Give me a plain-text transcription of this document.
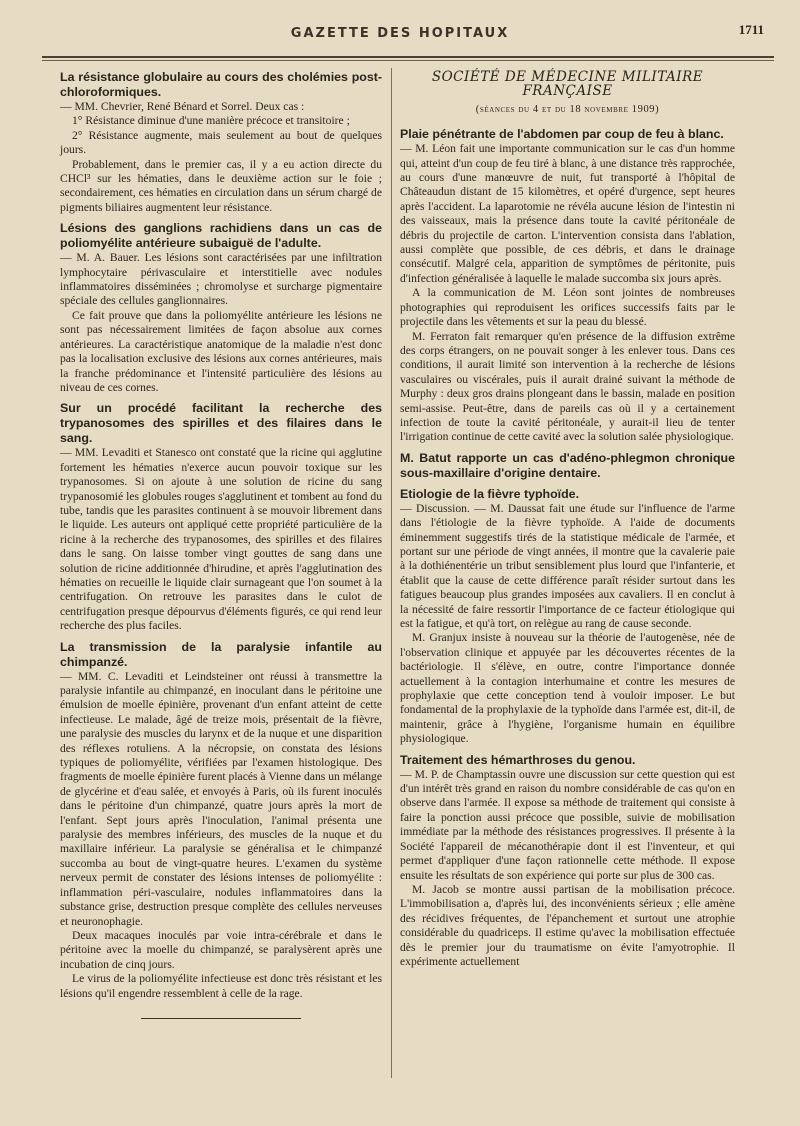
GAZETTE DES HOPITAUX	1711
La résistance globulaire au cours des cholémies post-chloroformiques.

— MM. Chevrier, René Bénard et Sorrel. Deux cas :

1° Résistance diminue d'une manière précoce et transitoire ;

2° Résistance augmente, mais seulement au bout de quelques jours.

Probablement, dans le premier cas, il y a eu action directe du CHCl³ sur les hématies, dans le deuxième action sur le foie ; secondairement, ces hématies en circulation dans un sérum chargé de pigments biliaires augmentent leur résistance.

Lésions des ganglions rachidiens dans un cas de poliomyélite antérieure subaiguë de l'adulte.

— M. A. Bauer. Les lésions sont caractérisées par une infiltration lymphocytaire périvasculaire et interstitielle avec nodules inflammatoires disséminées ; chromolyse et surcharge pigmentaire spéciale des cellules ganglionnaires.

Ce fait prouve que dans la poliomyélite antérieure les lésions ne sont pas nécessairement limitées de façon absolue aux cornes antérieures. La caractéristique anatomique de la maladie n'est donc pas la localisation exclusive des lésions aux cornes antérieures, mais la franche prédominance et l'intensité particulière des lésions au niveau de ces cornes.

Sur un procédé facilitant la recherche des trypanosomes des spirilles et des filaires dans le sang.

— MM. Levaditi et Stanesco ont constaté que la ricine qui agglutine fortement les hématies n'exerce aucun pouvoir toxique sur les trypanosomes. Si on ajoute à une solution de ricine du sang trypanosomié les globules rouges s'agglutinent et tombent au fond du tube, tandis que les parasites continuent à se mouvoir librement dans le liquide. Les auteurs ont appliqué cette propriété particulière de la ricine à la recherche des trypanosomes, des spirilles et des filaires dans le sang. On laisse tomber vingt gouttes de sang dans une solution de ricine additionnée d'hirudine, et après l'agglutination des hématies on recueille le liquide clair surnageant que l'on soumet à la centrifugation. On retrouve les parasites dans le culot de centrifugation presque dépourvus d'éléments figurés, ce qui rend leur recherche des plus faciles.

La transmission de la paralysie infantile au chimpanzé.

— MM. C. Levaditi et Leindsteiner ont réussi à transmettre la paralysie infantile au chimpanzé, en inoculant dans le péritoine une émulsion de moelle épinière, provenant d'un enfant atteint de cette infectieuse. Le malade, âgé de treize mois, présentait de la fièvre, une paralysie des muscles du larynx et de la nuque et une disparition des réflexes rotuliens. A la nécropsie, on constata des lésions typiques de poliomyélite, vérifiées par l'examen histologique. Des fragments de moelle épinière furent placés à Vienne dans un mélange de glycérine et d'eau salée, et envoyés à Paris, où ils furent inoculés dans le péritoine d'un chimpanzé, quatre jours après la mort de l'enfant. Sept jours après l'inoculation, l'animal présenta une paralysie des membres inférieurs, des muscles de la nuque et du maxillaire inférieur. La paralysie se généralisa et le chimpanzé succomba au bout de vingt-quatre heures. L'examen du système nerveux permit de constater des lésions intenses de poliomyélite : inflammation péri-vasculaire, nodules inflammatoires dans la substance grise, destruction presque complète des cellules nerveuses et neuronophagie.

Deux macaques inoculés par voie intra-cérébrale et dans le péritoine avec la moelle du chimpanzé, se paralysèrent après une incubation de cinq jours.

Le virus de la poliomyélite infectieuse est donc très résistant et les lésions qu'il engendre ressemblent à celle de la rage.

SOCIÉTÉ DE MÉDECINE MILITAIRE FRANÇAISE
(séances du 4 et du 18 novembre 1909)
Plaie pénétrante de l'abdomen par coup de feu à blanc.

— M. Léon fait une importante communication sur le cas d'un homme qui, atteint d'un coup de feu tiré à blanc, à une distance très rapprochée, au cours d'une manœuvre de nuit, fut transporté à l'hôpital de Châteaudun distant de 15 kilomètres, et opéré d'urgence, sept heures après l'accident. La laparotomie ne révéla aucune lésion de l'intestin ni des vaisseaux, mais la présence dans toute la cavité péritonéale de débris du projectile de carton. L'intervention consista dans l'ablation, aussi complète que possible, de ces débris, et dans le drainage consécutif. Malgré cela, apparition de symptômes de péritonite, puis d'infection généralisée à laquelle le malade succomba six jours après.

A la communication de M. Léon sont jointes de nombreuses photographies qui reproduisent les orifices successifs faits par le projectile dans les vêtements et sur la peau du blessé.

M. Ferraton fait remarquer qu'en présence de la diffusion extrême des corps étrangers, on ne pouvait songer à les enlever tous. Dans ces conditions, il aurait limité son intervention à la recherche de lésions vasculaires ou viscérales, puis il aurait drainé suivant la méthode de Murphy : deux gros drains plongeant dans le bassin, malade en position semi-assise. Peut-être, dans de pareils cas où il y a certainement infection de toute la cavité péritonéale, y aurait-il lieu de tenter l'irrigation continue de cette cavité avec la solution salée physiologique.

M. Batut rapporte un cas d'adéno-phlegmon chronique sous-maxillaire d'origine dentaire.
Etiologie de la fièvre typhoïde.

— Discussion. — M. Daussat fait une étude sur l'influence de l'arme dans l'étiologie de la fièvre typhoïde. A l'aide de documents éminemment suggestifs tirés de la statistique médicale de l'armée, et portant sur une période de vingt années, il montre que la cavalerie paie à la dothiénentérie un tribut sensiblement plus lourd que l'infanterie, et établit que la cause de cette différence paraît résider surtout dans les fatigues beaucoup plus grandes imposées aux cavaliers. Il en conclut à la nécessité de faire ressortir l'importance de ce facteur étiologique qui est la fatigue, et qu'à tort, on relègue au rang de cause seconde.

M. Granjux insiste à nouveau sur la théorie de l'autogenèse, née de l'observation clinique et appuyée par les découvertes récentes de la bactériologie. Il s'élève, en outre, contre l'importance donnée actuellement à la contagion interhumaine et contre les mesures de prophylaxie que cette conception tend à vouloir imposer. Le but fondamental de la prophylaxie de la typhoïde dans l'armée est, dit-il, de maintenir, grâce à l'hygiène, l'organisme humain en équilibre physiologique.

Traitement des hémarthroses du genou.

— M. P. de Champtassin ouvre une discussion sur cette question qui est d'un intérêt très grand en raison du nombre considérable de cas qu'on en observe dans l'armée. Il expose sa méthode de traitement qui consiste à faire la ponction aussi précoce que possible, suivie de mobilisation immédiate par la méthode des résistances progressives. Il présente à la Société l'appareil de mécanothérapie dont il est l'inventeur, et qui permet d'appliquer d'une façon rationnelle cette méthode. Il expose ensuite les résultats de son expérience qui porte sur plus de 300 cas.

M. Jacob se montre aussi partisan de la mobilisation précoce. L'immobilisation a, d'après lui, des inconvénients sérieux ; elle amène des récidives fréquentes, de l'épanchement et surtout une atrophie considérable du quadriceps. Il estime qu'avec la mobilisation effectuée dès le premier jour du traumatisme on évite l'amyotrophie. Il expérimente actuellement
